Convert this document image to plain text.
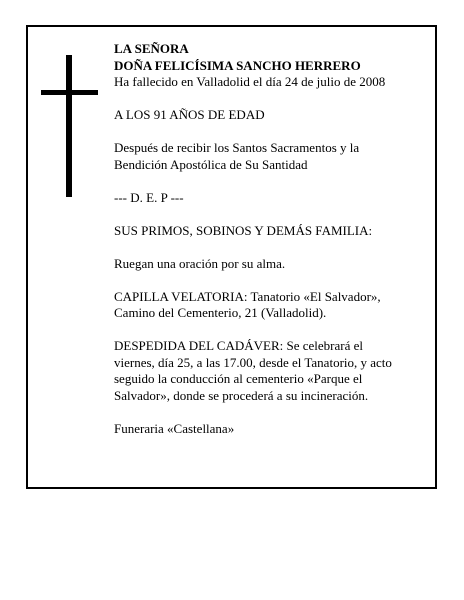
LA SEÑORA
DOÑA FELICÍSIMA SANCHO HERRERO
Ha fallecido en Valladolid el día 24 de julio de 2008
A LOS 91 AÑOS DE EDAD
Después de recibir los Santos Sacramentos y la
Bendición Apostólica de Su Santidad
--- D. E. P ---
SUS PRIMOS, SOBINOS Y DEMÁS FAMILIA:
Ruegan una oración por su alma.
CAPILLA VELATORIA: Tanatorio «El Salvador»,
Camino del Cementerio, 21 (Valladolid).
DESPEDIDA DEL CADÁVER: Se celebrará el
viernes, día 25, a las 17.00, desde el Tanatorio, y acto
seguido la conducción al cementerio «Parque el
Salvador», donde se procederá a su incineración.
Funeraria «Castellana»
